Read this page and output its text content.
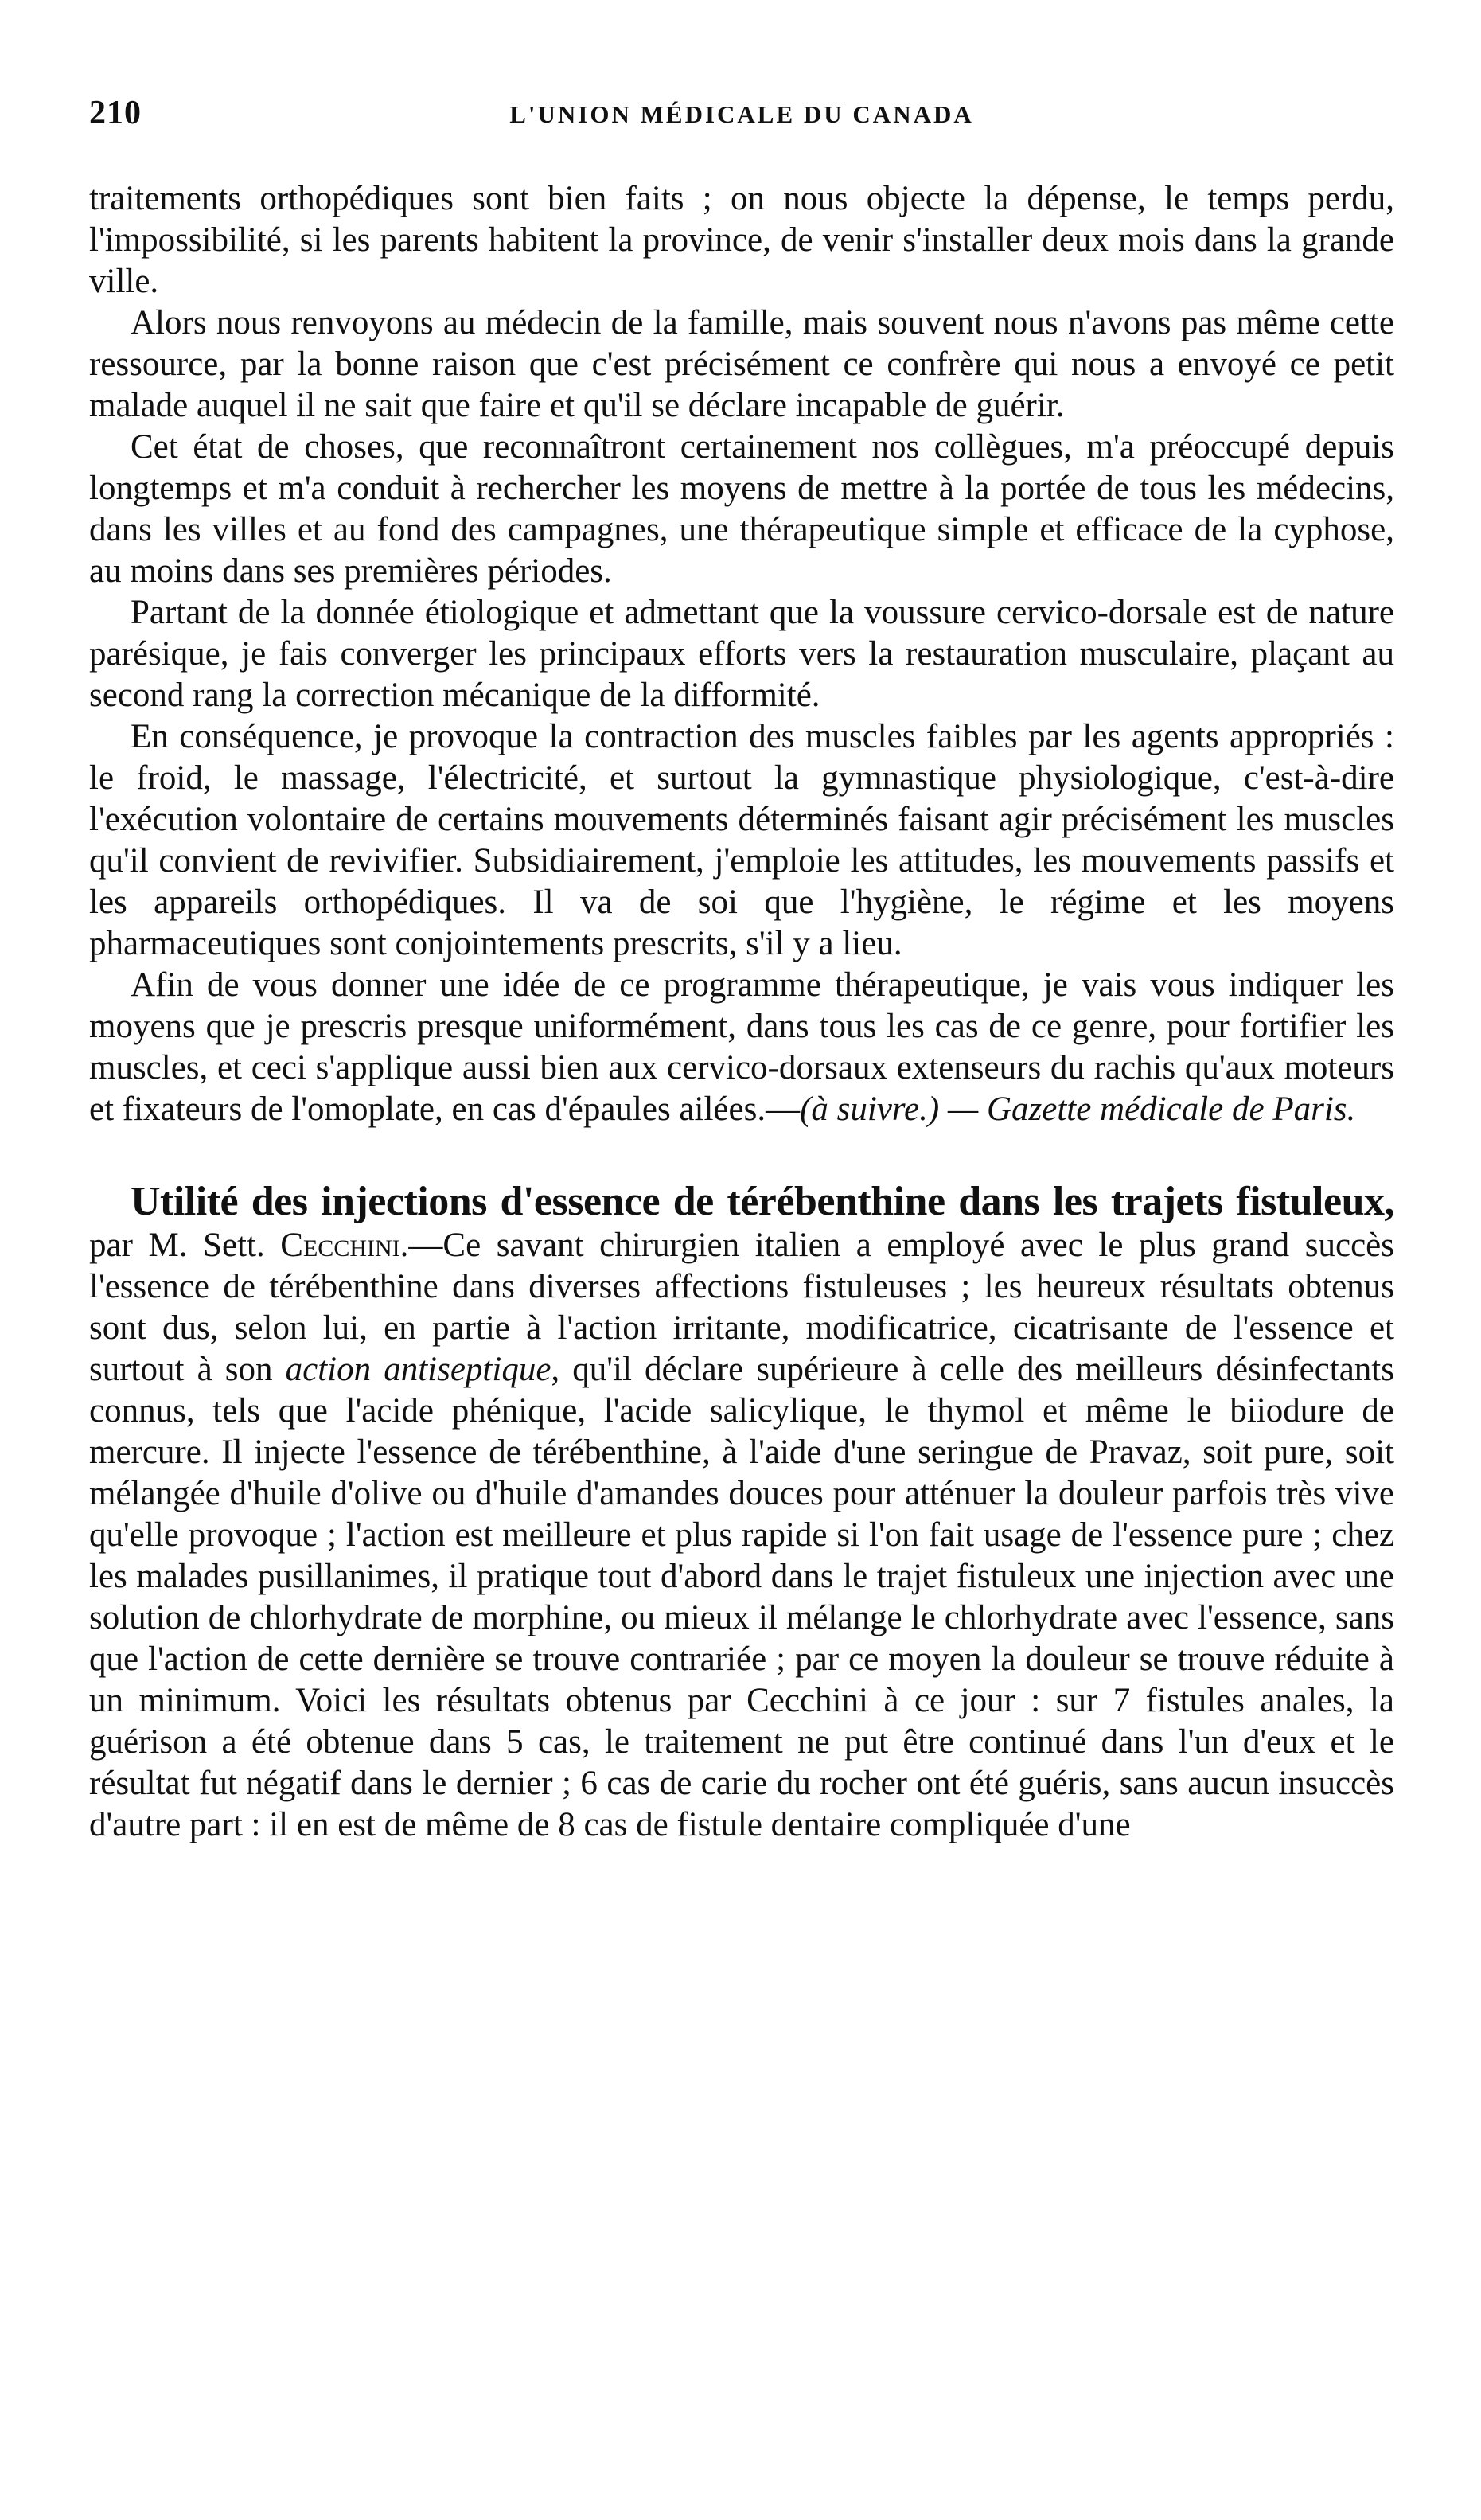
210	L'UNION MÉDICALE DU CANADA

traitements orthopédiques sont bien faits ; on nous objecte la dépense, le temps perdu, l'impossibilité, si les parents habitent la province, de venir s'installer deux mois dans la grande ville.

Alors nous renvoyons au médecin de la famille, mais souvent nous n'avons pas même cette ressource, par la bonne raison que c'est précisément ce confrère qui nous a envoyé ce petit malade auquel il ne sait que faire et qu'il se déclare incapable de guérir.

Cet état de choses, que reconnaîtront certainement nos collègues, m'a préoccupé depuis longtemps et m'a conduit à rechercher les moyens de mettre à la portée de tous les médecins, dans les villes et au fond des campagnes, une thérapeutique simple et efficace de la cyphose, au moins dans ses premières périodes.

Partant de la donnée étiologique et admettant que la voussure cervico-dorsale est de nature parésique, je fais converger les principaux efforts vers la restauration musculaire, plaçant au second rang la correction mécanique de la difformité.

En conséquence, je provoque la contraction des muscles faibles par les agents appropriés : le froid, le massage, l'électricité, et surtout la gymnastique physiologique, c'est-à-dire l'exécution volontaire de certains mouvements déterminés faisant agir précisément les muscles qu'il convient de revivifier. Subsidiairement, j'emploie les attitudes, les mouvements passifs et les appareils orthopédiques. Il va de soi que l'hygiène, le régime et les moyens pharmaceutiques sont conjointements prescrits, s'il y a lieu.

Afin de vous donner une idée de ce programme thérapeutique, je vais vous indiquer les moyens que je prescris presque uniformément, dans tous les cas de ce genre, pour fortifier les muscles, et ceci s'applique aussi bien aux cervico-dorsaux extenseurs du rachis qu'aux moteurs et fixateurs de l'omoplate, en cas d'épaules ailées.—(à suivre.) — Gazette médicale de Paris.

Utilité des injections d'essence de térébenthine dans les trajets fistuleux, par M. Sett. Cecchini.—Ce savant chirurgien italien a employé avec le plus grand succès l'essence de térébenthine dans diverses affections fistuleuses ; les heureux résultats obtenus sont dus, selon lui, en partie à l'action irritante, modificatrice, cicatrisante de l'essence et surtout à son action antiseptique, qu'il déclare supérieure à celle des meilleurs désinfectants connus, tels que l'acide phénique, l'acide salicylique, le thymol et même le biiodure de mercure. Il injecte l'essence de térébenthine, à l'aide d'une seringue de Pravaz, soit pure, soit mélangée d'huile d'olive ou d'huile d'amandes douces pour atténuer la douleur parfois très vive qu'elle provoque ; l'action est meilleure et plus rapide si l'on fait usage de l'essence pure ; chez les malades pusillanimes, il pratique tout d'abord dans le trajet fistuleux une injection avec une solution de chlorhydrate de morphine, ou mieux il mélange le chlorhydrate avec l'essence, sans que l'action de cette dernière se trouve contrariée ; par ce moyen la douleur se trouve réduite à un minimum. Voici les résultats obtenus par Cecchini à ce jour : sur 7 fistules anales, la guérison a été obtenue dans 5 cas, le traitement ne put être continué dans l'un d'eux et le résultat fut négatif dans le dernier ; 6 cas de carie du rocher ont été guéris, sans aucun insuccès d'autre part : il en est de même de 8 cas de fistule dentaire compliquée d'une
